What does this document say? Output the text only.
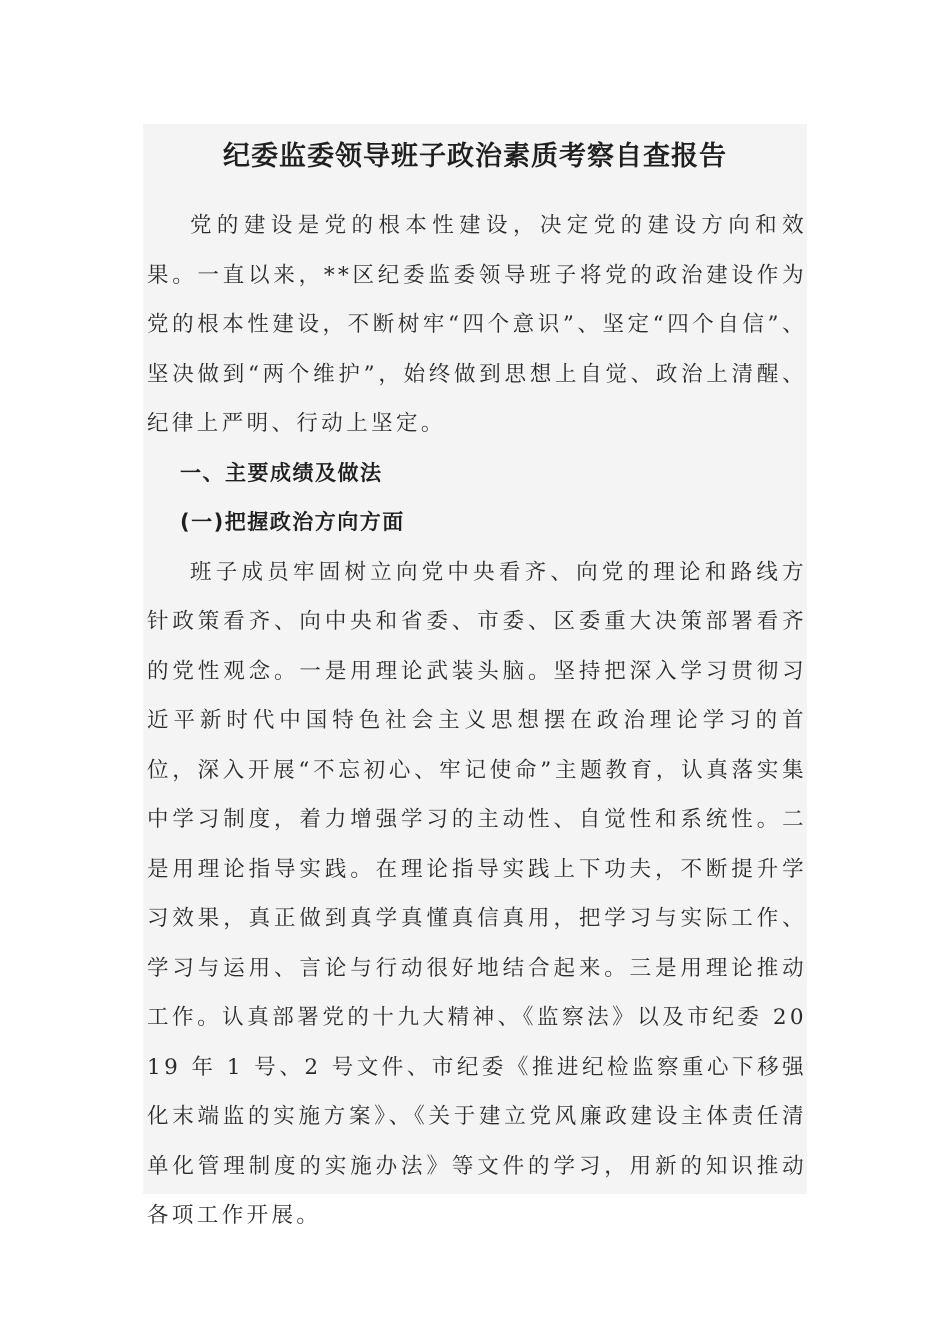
纪委监委领导班子政治素质考察自查报告

党的建设是党的根本性建设，决定党的建设方向和效果。一直以来，**区纪委监委领导班子将党的政治建设作为党的根本性建设，不断树牢“四个意识”、坚定“四个自信”、坚决做到“两个维护”，始终做到思想上自觉、政治上清醒、纪律上严明、行动上坚定。

一、主要成绩及做法

(一)把握政治方向方面

班子成员牢固树立向党中央看齐、向党的理论和路线方针政策看齐、向中央和省委、市委、区委重大决策部署看齐的党性观念。一是用理论武装头脑。坚持把深入学习贯彻习近平新时代中国特色社会主义思想摆在政治理论学习的首位，深入开展“不忘初心、牢记使命”主题教育，认真落实集中学习制度，着力增强学习的主动性、自觉性和系统性。二是用理论指导实践。在理论指导实践上下功夫，不断提升学习效果，真正做到真学真懂真信真用，把学习与实际工作、学习与运用、言论与行动很好地结合起来。三是用理论推动工作。认真部署党的十九大精神、《监察法》以及市纪委 2019 年 1 号、2 号文件、市纪委《推进纪检监察重心下移强化末端监的实施方案》、《关于建立党风廉政建设主体责任清单化管理制度的实施办法》等文件的学习，用新的知识推动各项工作开展。
